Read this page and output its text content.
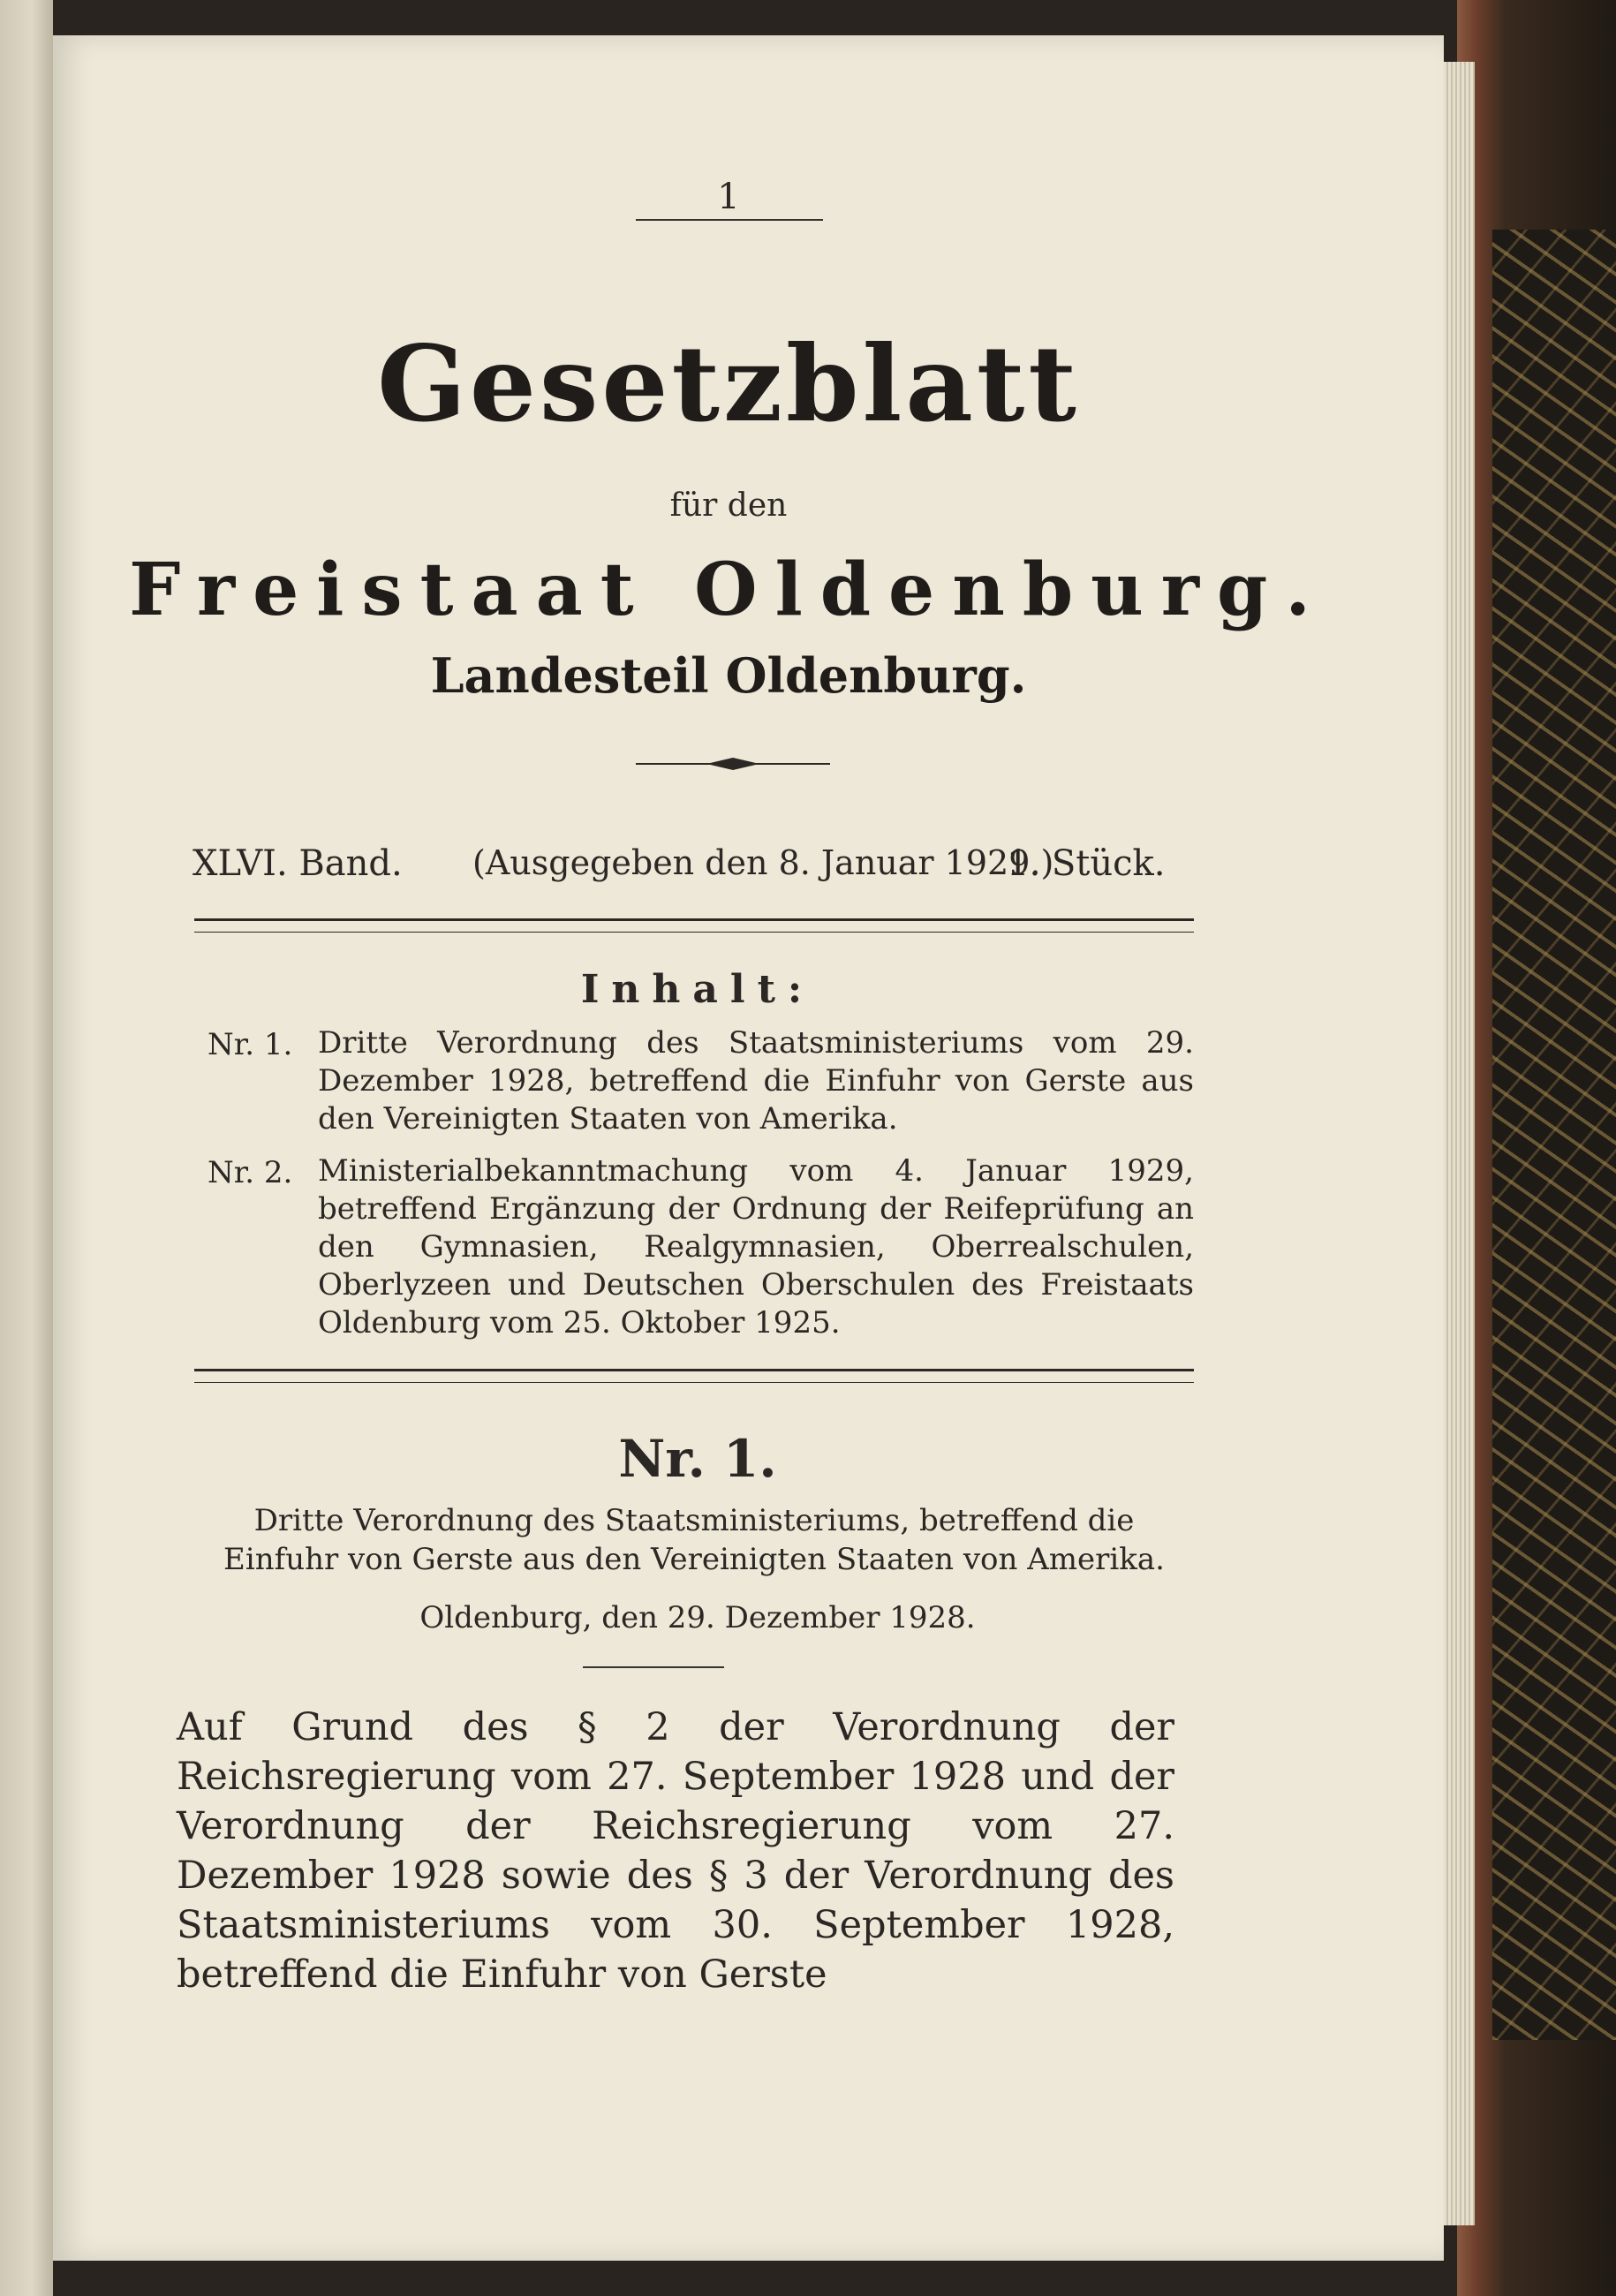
1
Gesetzblatt
für den
Freistaat Oldenburg.
Landesteil Oldenburg.
XLVI. Band. (Ausgegeben den 8. Januar 1929.)
1. Stück.
Inhalt:
Nr. 1. Dritte Verordnung des Staatsministeriums vom 29. Dezember 1928, betreffend die Einfuhr von Gerste aus den Vereinigten Staaten von Amerika.
Nr. 2. Ministerialbekanntmachung vom 4. Januar 1929, betreffend Ergänzung der Ordnung der Reifeprüfung an den Gymnasien, Realgymnasien, Oberrealschulen, Oberlyzeen und Deutschen Oberschulen des Freistaats Oldenburg vom 25. Oktober 1925.
Nr. 1.
Dritte Verordnung des Staatsministeriums, betreffend die Einfuhr von Gerste aus den Vereinigten Staaten von Amerika.
Oldenburg, den 29. Dezember 1928.
Auf Grund des § 2 der Verordnung der Reichsregierung vom 27. September 1928 und der Verordnung der Reichsregierung vom 27. Dezember 1928 sowie des § 3 der Verordnung des Staatsministeriums vom 30. September 1928, betreffend die Einfuhr von Gerste
